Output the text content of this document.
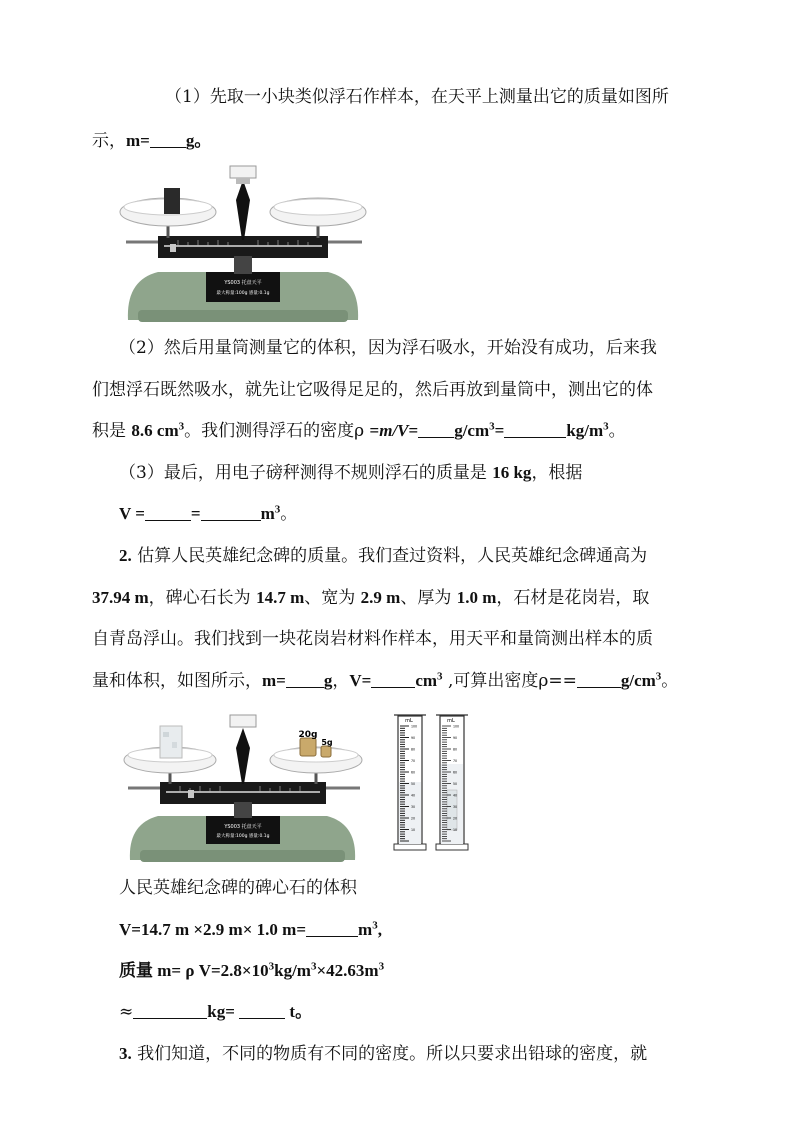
（1）先取一小块类似浮石作样本，在天平上测量出它的质量如图所
示，m= g。
YS003 托盘天平
最大称量:100g 感量:0.1g
（2）然后用量筒测量它的体积，因为浮石吸水，开始没有成功，后来我
们想浮石既然吸水，就先让它吸得足足的，然后再放到量筒中，测出它的体
积是 8.6 $cm^3$。我们测得浮石的密度$\rho =m/V= g/cm^3=$	$kg/m^3$。
（3）最后，用电子磅秤测得不规则浮石的质量是 16 kg，根据
V =	=	$m^3$。
2. 估算人民英雄纪念碑的质量。我们查过资料，人民英雄纪念碑通高为
37.94 m，碑心石长为 14.7 m、宽为 2.9 m、厚为 1.0 m，石材是花岗岩，取
自青岛浮山。我们找到一块花岗岩材料作样本，用天平和量筒测出样本的质
量和体积，如图所示，m= g，V=	$cm^3$ ,可算出密度ρ==	$g/cm^3$。
YS003 托盘天平
最大称量:100g 感量:0.1g
20g
5g
100
90
80
70
60
50
40
30
20
10
mL
100
90
80
70
60
50
40
30
20
10
mL
人民英雄纪念碑的碑心石的体积
V=14.7 m ×2.9 m× 1.0 m=	$m^3$,
质量 m= ρ $V=2.8\times 10^3kg/m^3\times 42.63m^3$
≈	kg=	t。
3. 我们知道，不同的物质有不同的密度。所以只要求出铅球的密度，就
